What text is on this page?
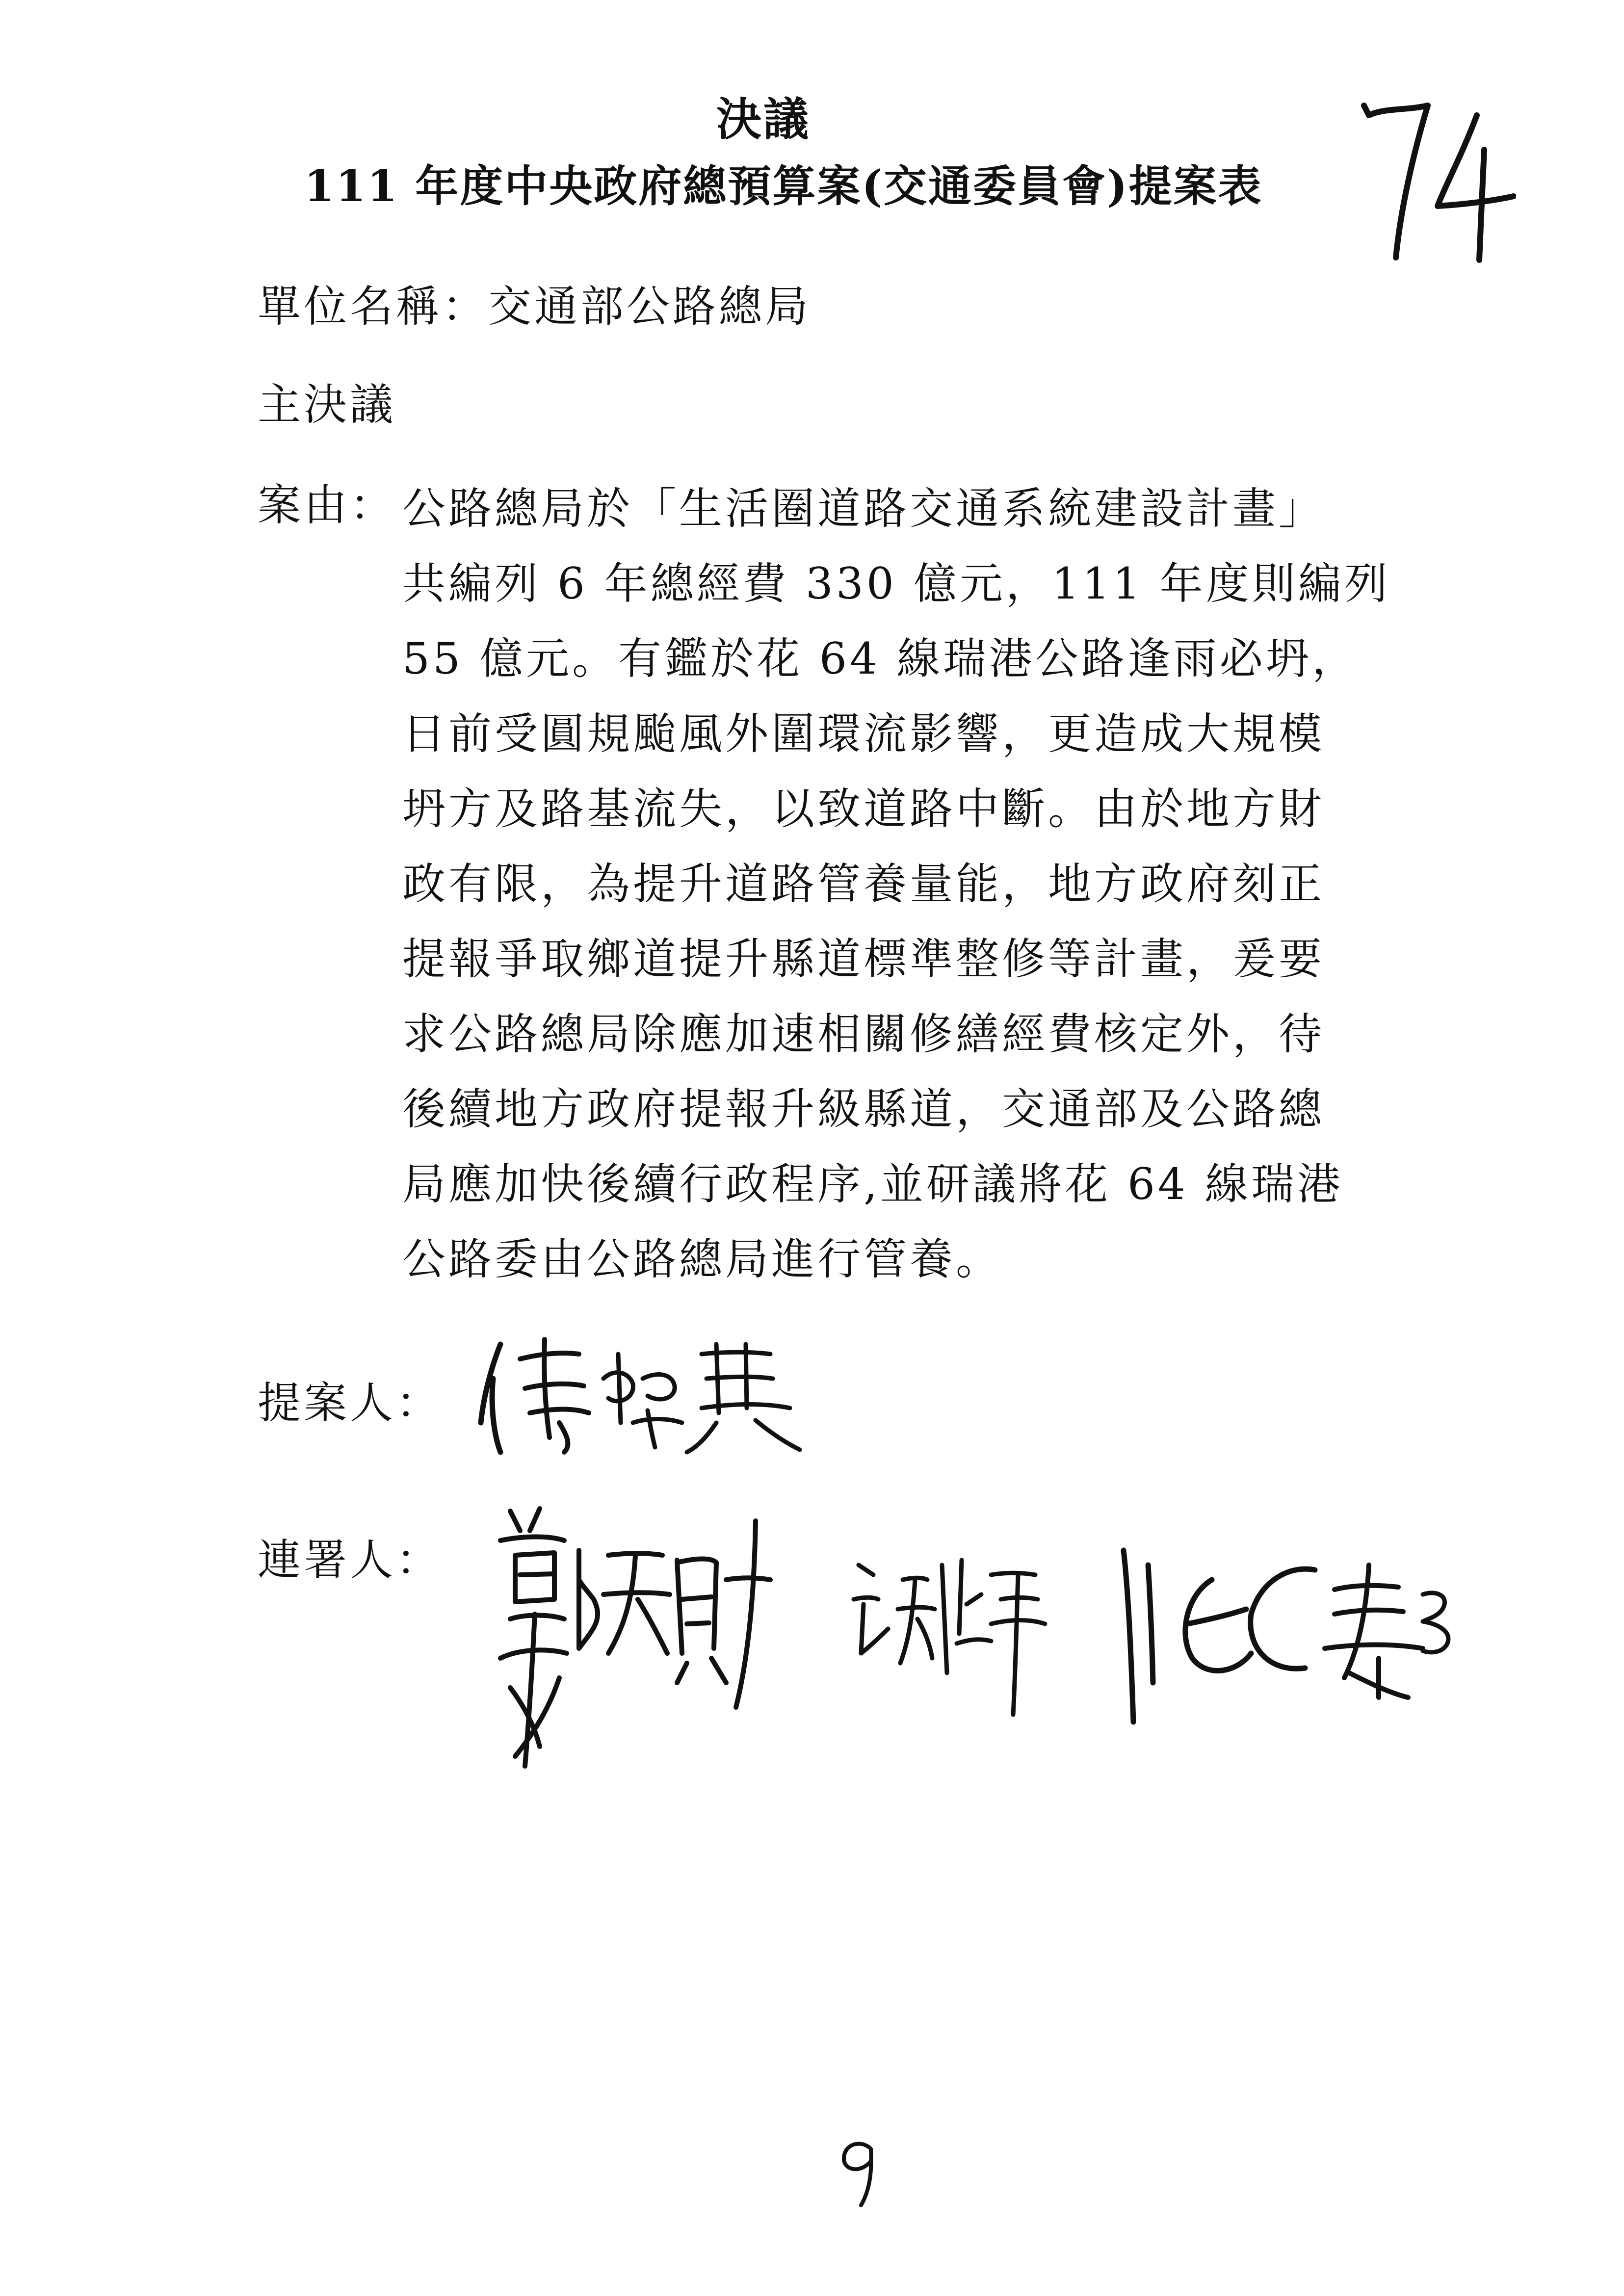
決議
111 年度中央政府總預算案(交通委員會)提案表
單位名稱：交通部公路總局
主決議
案由： 公路總局於「生活圈道路交通系統建設計畫」
共編列 6 年總經費 330 億元，111 年度則編列
55 億元。有鑑於花 64 線瑞港公路逢雨必坍，
日前受圓規颱風外圍環流影響，更造成大規模
坍方及路基流失，以致道路中斷。由於地方財
政有限，為提升道路管養量能，地方政府刻正
提報爭取鄉道提升縣道標準整修等計畫，爰要
求公路總局除應加速相關修繕經費核定外，待
後續地方政府提報升級縣道，交通部及公路總
局應加快後續行政程序,並研議將花 64 線瑞港
公路委由公路總局進行管養。
提案人：
連署人：
